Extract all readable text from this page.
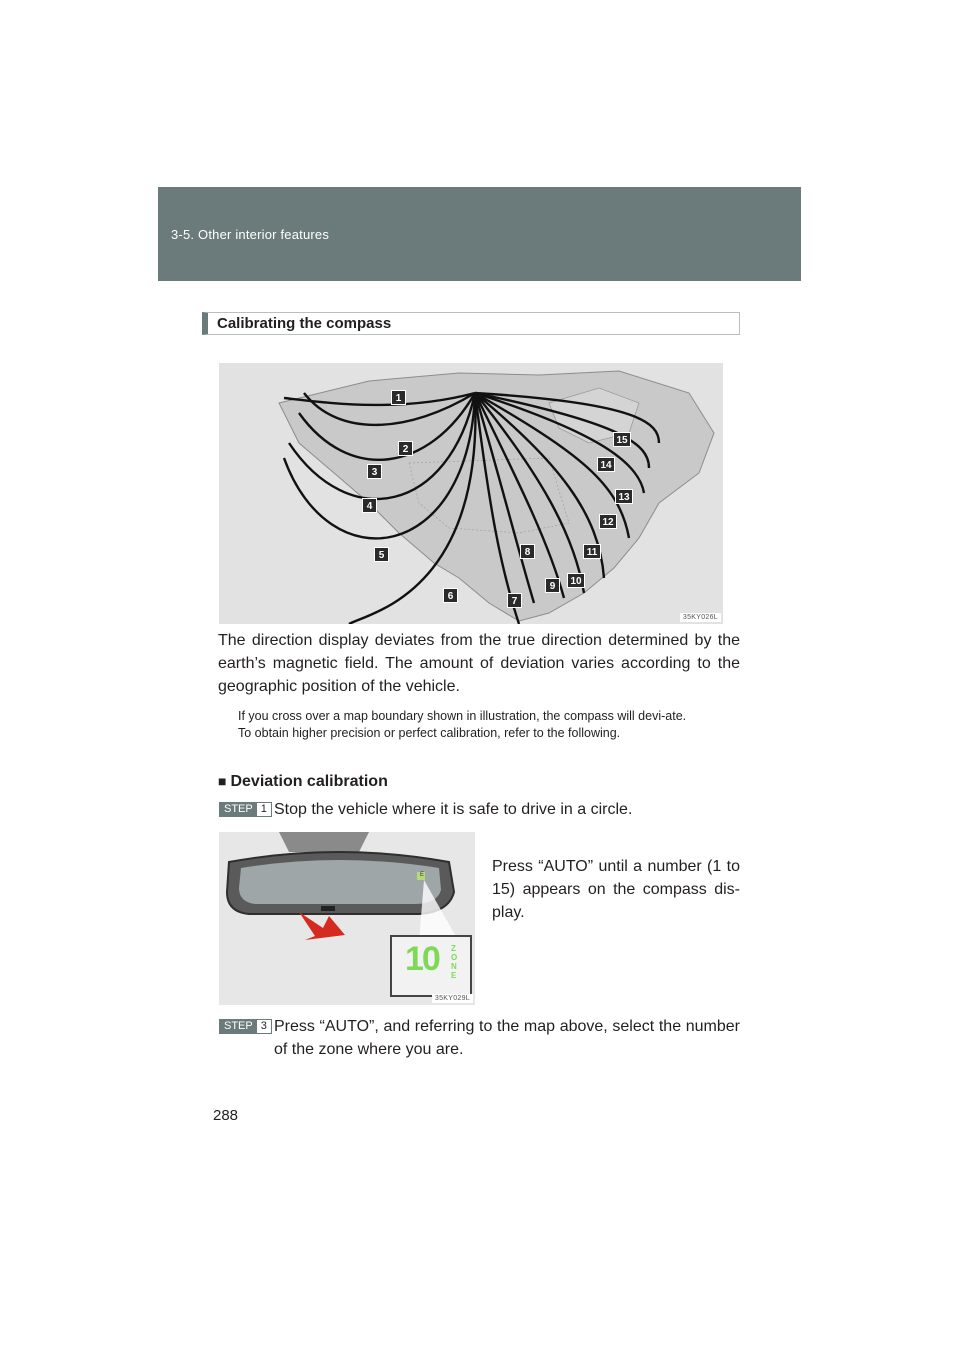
3-5. Other interior features
Calibrating the compass
1
2
3
4
5
6	7
8
9	10
11
12
13
14
15
35KY026L
The direction display deviates from the true direction determined by the earth’s magnetic field. The amount of deviation varies according to the geographic position of the vehicle.

If you cross over a map boundary shown in illustration, the compass will devi-ate.

To obtain higher precision or perfect calibration, refer to the following.

■ Deviation calibration
STEP 1 Stop the vehicle where it is safe to drive in a circle.
E
10 ZONE
35KY029L
Press “AUTO” until a number (1 to 15) appears on the compass dis-play.
STEP 3 Press “AUTO”, and referring to the map above, select the number of the zone where you are.
288
